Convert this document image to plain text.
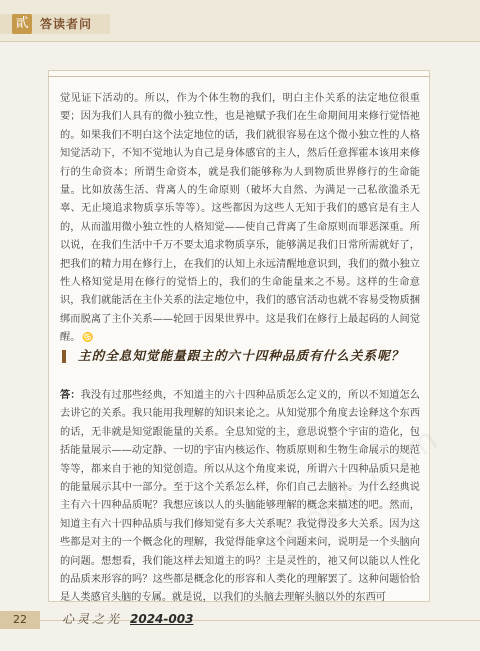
貳 答读者问

觉见证下活动的。所以，作为个体生物的我们，明白主仆关系的法定地位很重要；因为我们人具有的微小独立性，也是祂赋予我们在生命期间用来修行觉悟祂的。如果我们不明白这个法定地位的话，我们就很容易在这个微小独立性的人格知觉活动下，不知不觉地认为自己是身体感官的主人，然后任意挥霍本该用来修行的生命资本；所谓生命资本，就是我们能够称为人到物质世界修行的生命能量。比如放荡生活、背离人的生命原则（破坏大自然、为满足一己私欲滥杀无辜、无止境追求物质享乐等等）。这些都因为这些人无知于我们的感官是有主人的，从而滥用微小独立性的人格知觉——使自己背离了生命原则而罪恶深重。所以说，在我们生活中千万不要太追求物质享乐，能够满足我们日常所需就好了，把我们的精力用在修行上，在我们的认知上永远清醒地意识到，我们的微小独立性人格知觉是用在修行的觉悟上的，我们的生命能量来之不易。这样的生命意识，我们就能活在主仆关系的法定地位中，我们的感官活动也就不容易受物质捆绑而脱离了主仆关系——轮回于因果世界中。这是我们在修行上最起码的人间觉醒。 ♋

主的全息知觉能量跟主的六十四种品质有什么关系呢？

答：我没有过那些经典，不知道主的六十四种品质怎么定义的，所以不知道怎么去讲它的关系。我只能用我理解的知识来论之。从知觉那个角度去诠释这个东西的话，无非就是知觉跟能量的关系。全息知觉的主，意思说整个宇宙的造化，包括能量展示——动定静、一切的宇宙内核运作、物质原则和生物生命展示的规范等等，都来自于祂的知觉创造。所以从这个角度来说，所谓六十四种品质只是祂的能量展示其中一部分。至于这个关系怎么样，你们自己去脑补。为什么经典说主有六十四种品质呢？我想应该以人的头脑能够理解的概念来描述的吧。然而，知道主有六十四种品质与我们修知觉有多大关系呢？我觉得没多大关系。因为这些都是对主的一个概念化的理解，我觉得能拿这个问题来问，说明是一个头脑向的问题。想想看，我们能这样去知道主的吗？主是灵性的，祂又何以能以人性化的品质来形容的吗？这些都是概念化的形容和人类化的理解罢了。这种问题恰恰是人类感官头脑的专属。就是说，以我们的头脑去理解头脑以外的东西可

22	心灵之光 2024-003
